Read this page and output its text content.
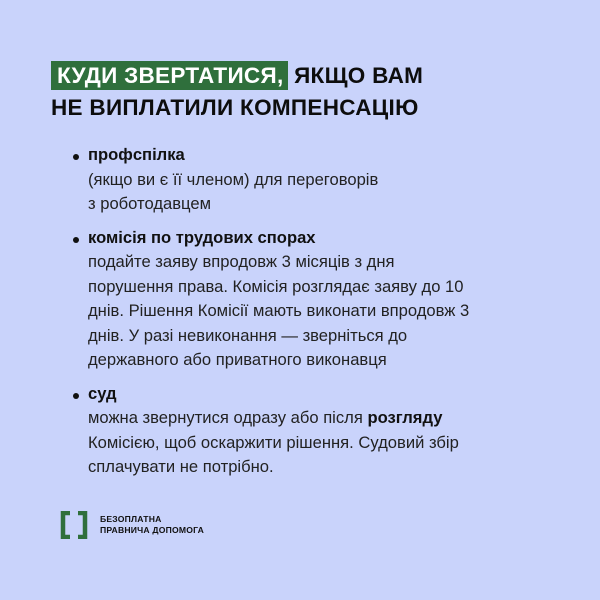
КУДИ ЗВЕРТАТИСЯ, ЯКЩО ВАМ
НЕ ВИПЛАТИЛИ КОМПЕНСАЦІЮ
профспілка
(якщо ви є її членом) для переговорів
з роботодавцем
комісія по трудових спорах
подайте заяву впродовж 3 місяців з дня
порушення права. Комісія розглядає заяву до 10
днів. Рішення Комісії мають виконати впродовж 3
днів. У разі невиконання — зверніться до
державного або приватного виконавця
суд
можна звернутися одразу або після розгляду
Комісією, щоб оскаржити рішення. Судовий збір
сплачувати не потрібно.
БЕЗОПЛАТНА
ПРАВНИЧА ДОПОМОГА
